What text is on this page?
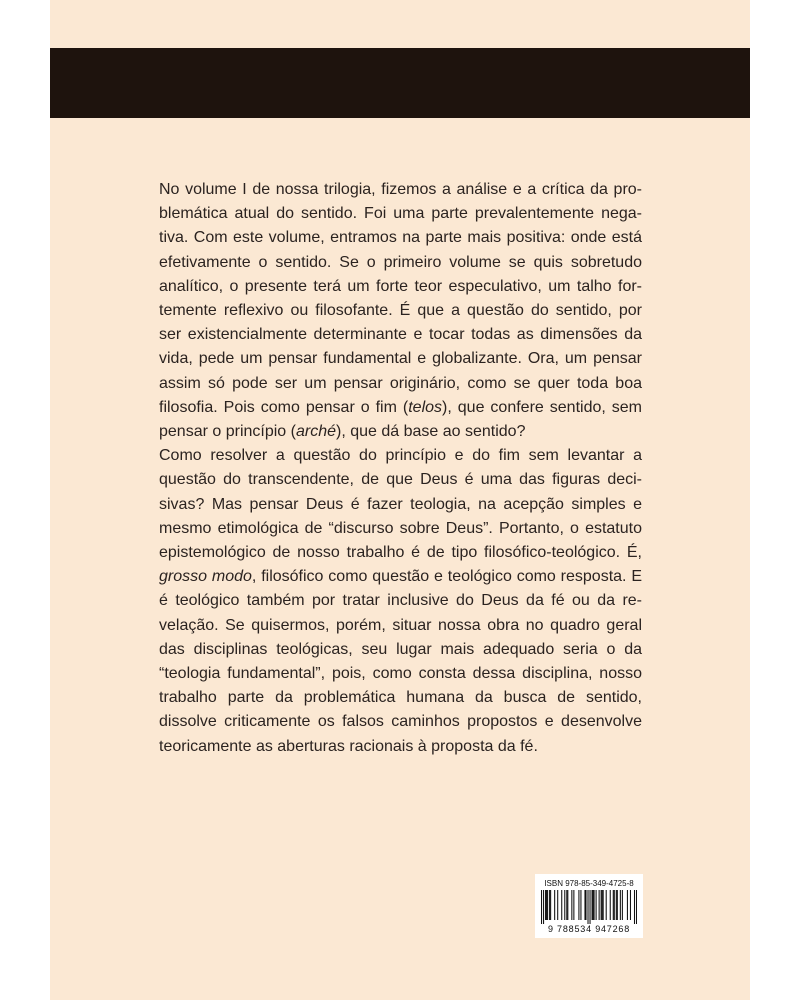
No volume I de nossa trilogia, fizemos a análise e a crítica da problemática atual do sentido. Foi uma parte prevalentemente negativa. Com este volume, entramos na parte mais positiva: onde está efetivamente o sentido. Se o primeiro volume se quis sobretudo analítico, o presente terá um forte teor especulativo, um talho fortemente reflexivo ou filosofante. É que a questão do sentido, por ser existencialmente determinante e tocar todas as dimensões da vida, pede um pensar fundamental e globalizante. Ora, um pensar assim só pode ser um pensar originário, como se quer toda boa filosofia. Pois como pensar o fim (telos), que confere sentido, sem pensar o princípio (arché), que dá base ao sentido?

Como resolver a questão do princípio e do fim sem levantar a questão do transcendente, de que Deus é uma das figuras decisivas? Mas pensar Deus é fazer teologia, na acepção simples e mesmo etimológica de “discurso sobre Deus”. Portanto, o estatuto epistemológico de nosso trabalho é de tipo filosófico-teológico. É, grosso modo, filosófico como questão e teológico como resposta. E é teológico também por tratar inclusive do Deus da fé ou da revelação. Se quisermos, porém, situar nossa obra no quadro geral das disciplinas teológicas, seu lugar mais adequado seria o da “teologia fundamental”, pois, como consta dessa disciplina, nosso trabalho parte da problemática humana da busca de sentido, dissolve criticamente os falsos caminhos propostos e desenvolve teoricamente as aberturas racionais à proposta da fé.

ISBN 978-85-349-4725-8
9 788534 947268
